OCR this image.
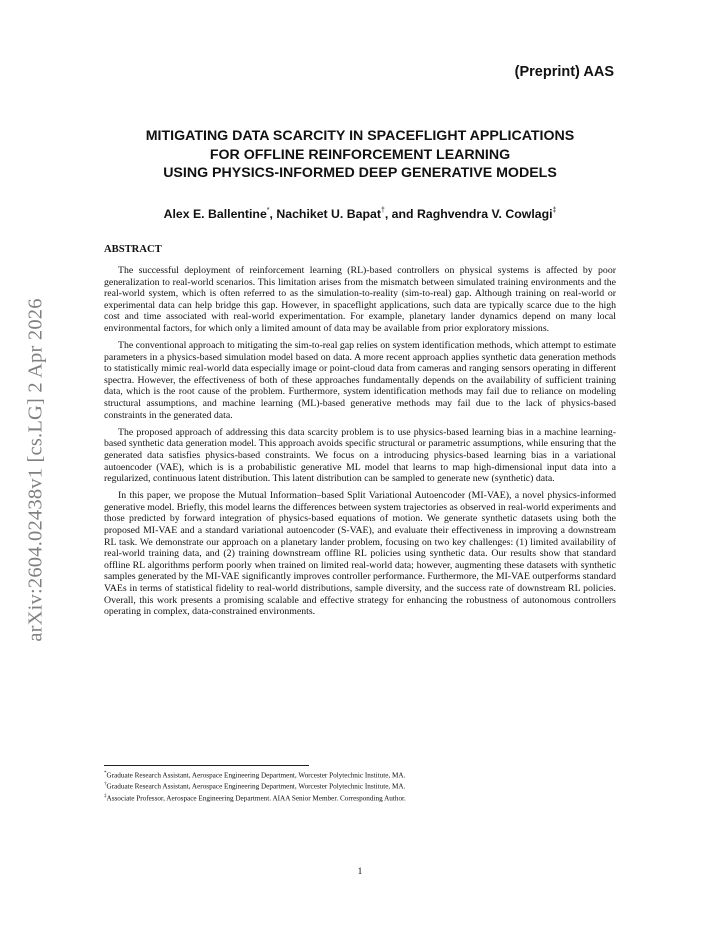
arXiv:2604.02438v1 [cs.LG] 2 Apr 2026
(Preprint) AAS
MITIGATING DATA SCARCITY IN SPACEFLIGHT APPLICATIONS
FOR OFFLINE REINFORCEMENT LEARNING
USING PHYSICS-INFORMED DEEP GENERATIVE MODELS
Alex E. Ballentine*, Nachiket U. Bapat†, and Raghvendra V. Cowlagi‡
ABSTRACT

The successful deployment of reinforcement learning (RL)-based controllers on physical systems is affected by poor generalization to real-world scenarios. This limitation arises from the mismatch between simulated training environments and the real-world system, which is often referred to as the simulation-to-reality (sim-to-real) gap. Although training on real-world or experimental data can help bridge this gap. However, in spaceflight applications, such data are typically scarce due to the high cost and time associated with real-world experimentation. For example, planetary lander dynamics depend on many local environmental factors, for which only a limited amount of data may be available from prior exploratory missions.

The conventional approach to mitigating the sim-to-real gap relies on system identification methods, which attempt to estimate parameters in a physics-based simulation model based on data. A more recent approach applies synthetic data generation methods to statistically mimic real-world data especially image or point-cloud data from cameras and ranging sensors operating in different spectra. However, the effectiveness of both of these approaches fundamentally depends on the availability of sufficient training data, which is the root cause of the problem. Furthermore, system identification methods may fail due to reliance on modeling structural assumptions, and machine learning (ML)-based generative methods may fail due to the lack of physics-based constraints in the generated data.

The proposed approach of addressing this data scarcity problem is to use physics-based learning bias in a machine learning-based synthetic data generation model. This approach avoids specific structural or parametric assumptions, while ensuring that the generated data satisfies physics-based constraints. We focus on a introducing physics-based learning bias in a variational autoencoder (VAE), which is is a probabilistic generative ML model that learns to map high-dimensional input data into a regularized, continuous latent distribution. This latent distribution can be sampled to generate new (synthetic) data.

In this paper, we propose the Mutual Information–based Split Variational Autoencoder (MI-VAE), a novel physics-informed generative model. Briefly, this model learns the differences between system trajectories as observed in real-world experiments and those predicted by forward integration of physics-based equations of motion. We generate synthetic datasets using both the proposed MI-VAE and a standard variational autoencoder (S-VAE), and evaluate their effectiveness in improving a downstream RL task. We demonstrate our approach on a planetary lander problem, focusing on two key challenges: (1) limited availability of real-world training data, and (2) training downstream offline RL policies using synthetic data. Our results show that standard offline RL algorithms perform poorly when trained on limited real-world data; however, augmenting these datasets with synthetic samples generated by the MI-VAE significantly improves controller performance. Furthermore, the MI-VAE outperforms standard VAEs in terms of statistical fidelity to real-world distributions, sample diversity, and the success rate of downstream RL policies. Overall, this work presents a promising scalable and effective strategy for enhancing the robustness of autonomous controllers operating in complex, data-constrained environments.

*Graduate Research Assistant, Aerospace Engineering Department, Worcester Polytechnic Institute, MA.
†Graduate Research Assistant, Aerospace Engineering Department, Worcester Polytechnic Institute, MA.
‡Associate Professor, Aerospace Engineering Department. AIAA Senior Member. Corresponding Author.
1
